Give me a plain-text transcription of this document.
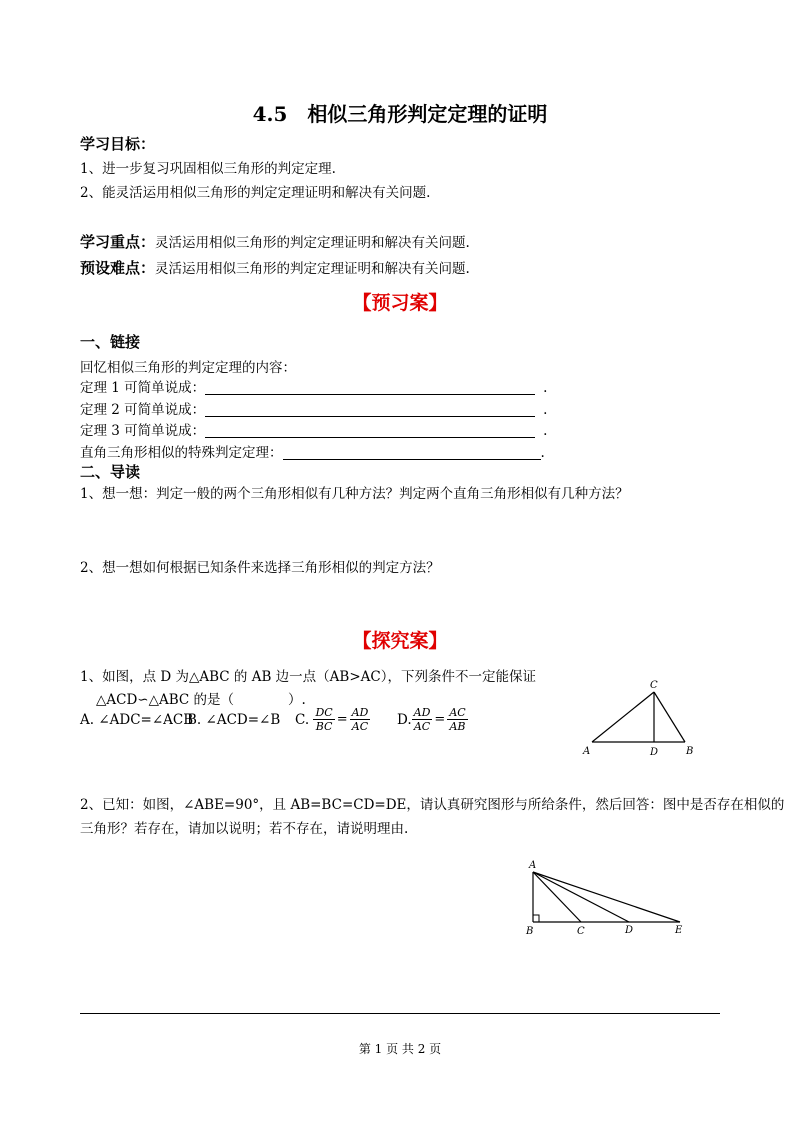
4.5　相似三角形判定定理的证明
学习目标：
1、进一步复习巩固相似三角形的判定定理.
2、能灵活运用相似三角形的判定定理证明和解决有关问题.
学习重点：灵活运用相似三角形的判定定理证明和解决有关问题.
预设难点：灵活运用相似三角形的判定定理证明和解决有关问题.
【预习案】
一、链接
回忆相似三角形的判定定理的内容：
定理 1 可简单说成：	.
定理 2 可简单说成：	.
定理 3 可简单说成：	.
直角三角形相似的特殊判定定理：	.
二、导读
1、想一想：判定一般的两个三角形相似有几种方法？判定两个直角三角形相似有几种方法？
2、想一想如何根据已知条件来选择三角形相似的判定方法？
【探究案】
1、如图，点 D 为△ABC 的 AB 边一点（AB>AC），下列条件不一定能保证
△ACD∽△ABC 的是（　　　　）.
A. ∠ADC=∠ACB
B. ∠ACD=∠B C. $\frac{DC}{BC} = \frac{AD}{AC} D$. $\frac{AD}{AC} = \frac{AC}{AB}$
A	D	B
C
2、已知：如图，∠ABE=90°，且 AB=BC=CD=DE，请认真研究图形与所给条件，然后回答：图中是否存在相似的
三角形？若存在，请加以说明；若不存在，请说明理由.
A
B	C	D	E
第 1 页 共 2 页
